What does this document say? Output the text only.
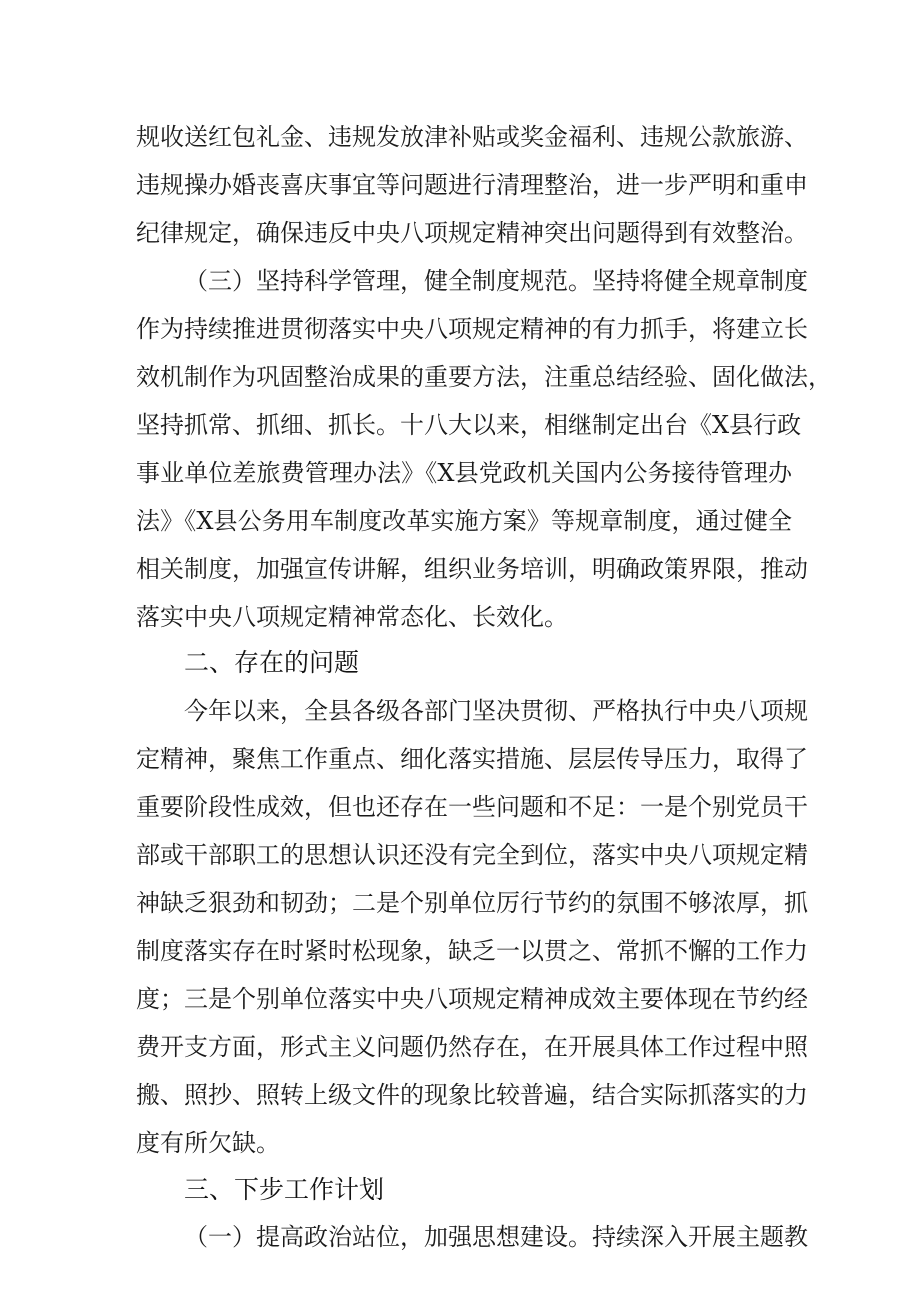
规收送红包礼金、违规发放津补贴或奖金福利、违规公款旅游、
违规操办婚丧喜庆事宜等问题进行清理整治，进一步严明和重申
纪律规定，确保违反中央八项规定精神突出问题得到有效整治。
（三）坚持科学管理，健全制度规范。坚持将健全规章制度
作为持续推进贯彻落实中央八项规定精神的有力抓手，将建立长
效机制作为巩固整治成果的重要方法，注重总结经验、固化做法，
坚持抓常、抓细、抓长。十八大以来，相继制定出台《X县行政
事业单位差旅费管理办法》《X县党政机关国内公务接待管理办
法》《X县公务用车制度改革实施方案》等规章制度，通过健全
相关制度，加强宣传讲解，组织业务培训，明确政策界限，推动
落实中央八项规定精神常态化、长效化。
二、存在的问题
今年以来，全县各级各部门坚决贯彻、严格执行中央八项规
定精神，聚焦工作重点、细化落实措施、层层传导压力，取得了
重要阶段性成效，但也还存在一些问题和不足：一是个别党员干
部或干部职工的思想认识还没有完全到位，落实中央八项规定精
神缺乏狠劲和韧劲；二是个别单位厉行节约的氛围不够浓厚，抓
制度落实存在时紧时松现象，缺乏一以贯之、常抓不懈的工作力
度；三是个别单位落实中央八项规定精神成效主要体现在节约经
费开支方面，形式主义问题仍然存在，在开展具体工作过程中照
搬、照抄、照转上级文件的现象比较普遍，结合实际抓落实的力
度有所欠缺。
三、下步工作计划
（一）提高政治站位，加强思想建设。持续深入开展主题教
